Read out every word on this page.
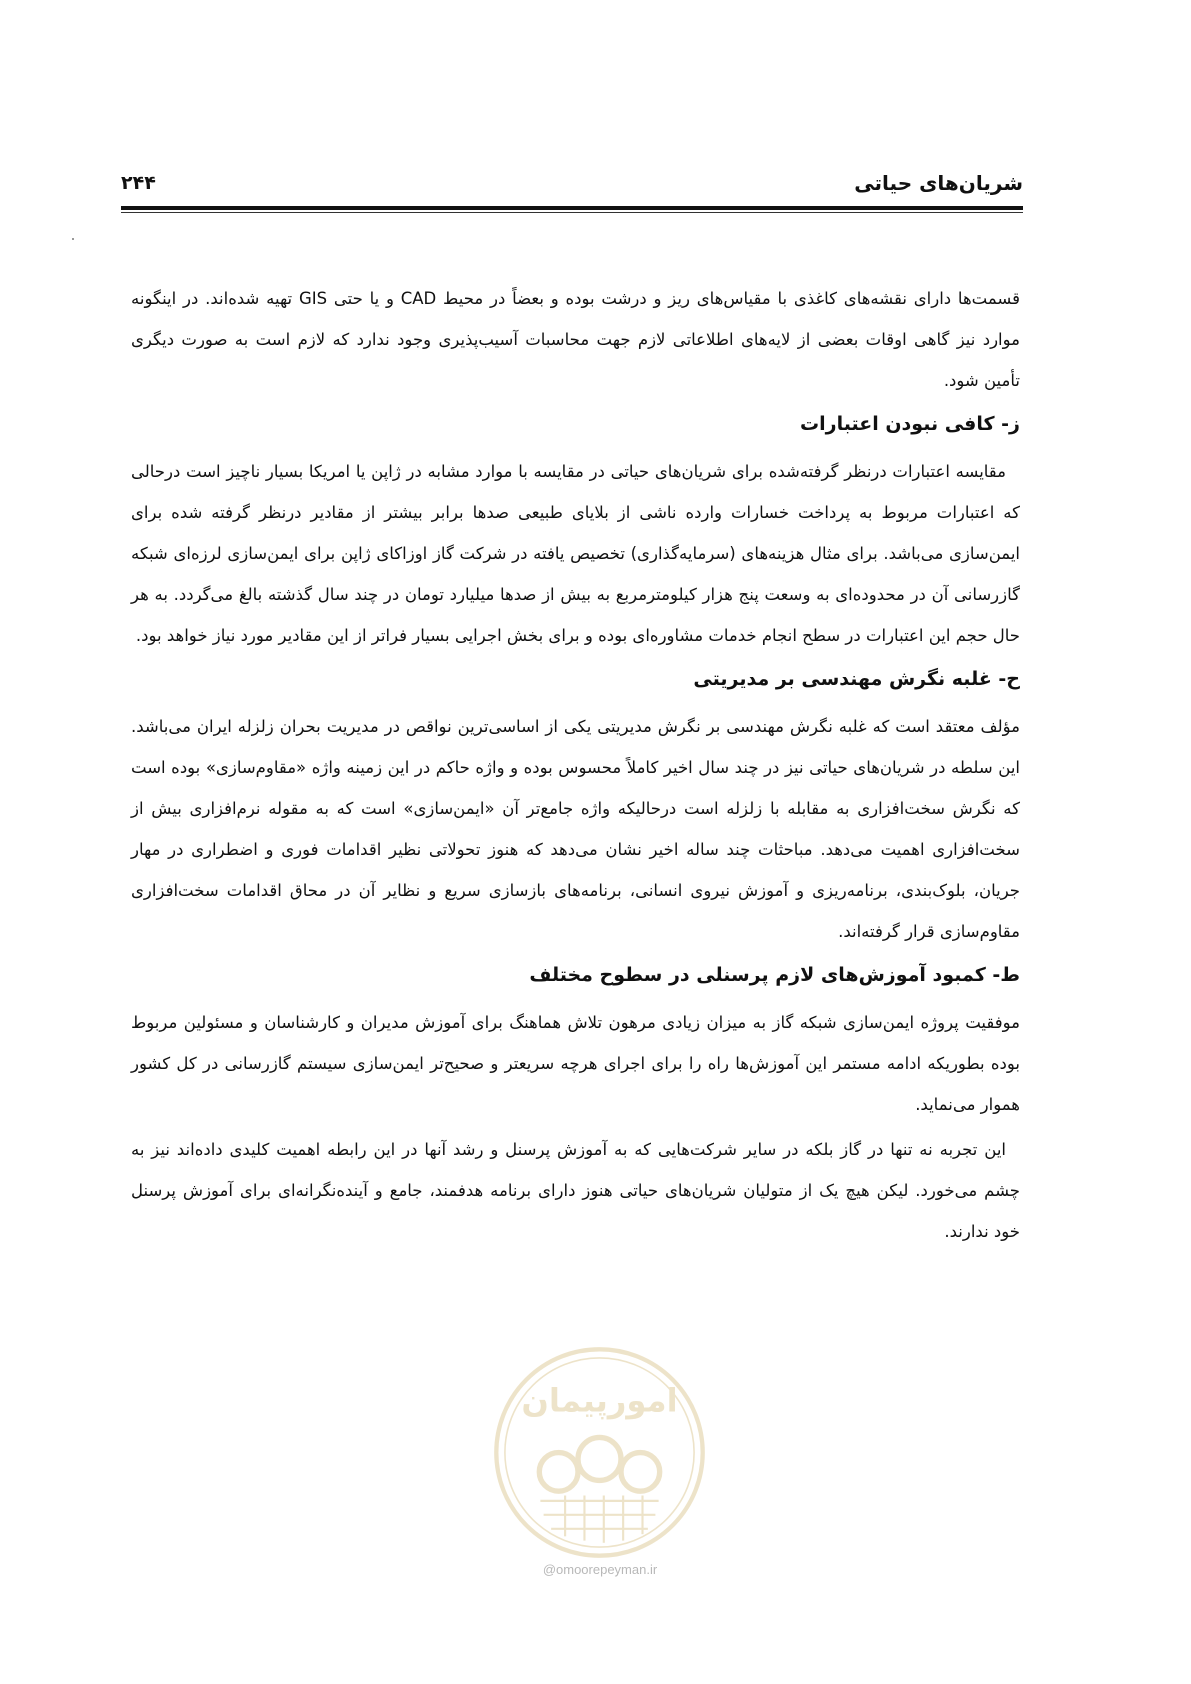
شریان‌های حیاتی
۲۴۴

قسمت‌ها دارای نقشه‌های کاغذی با مقیاس‌های ریز و درشت بوده و بعضاً در محیط CAD و یا حتی GIS تهیه شده‌اند. در اینگونه موارد نیز گاهی اوقات بعضی از لایه‌های اطلاعاتی لازم جهت محاسبات آسیب‌پذیری وجود ندارد که لازم است به صورت دیگری تأمین شود.

ز- کافی نبودن اعتبارات

مقایسه اعتبارات درنظر گرفته‌شده برای شریان‌های حیاتی در مقایسه با موارد مشابه در ژاپن یا امریکا بسیار ناچیز است درحالی که اعتبارات مربوط به پرداخت خسارات وارده ناشی از بلایای طبیعی صدها برابر بیشتر از مقادیر درنظر گرفته شده برای ایمن‌سازی می‌باشد. برای مثال هزینه‌های (سرمایه‌گذاری) تخصیص یافته در شرکت گاز اوزاکای ژاپن برای ایمن‌سازی لرزه‌ای شبکه گازرسانی آن در محدوده‌ای به وسعت پنج هزار کیلومترمربع به بیش از صدها میلیارد تومان در چند سال گذشته بالغ می‌گردد. به هر حال حجم این اعتبارات در سطح انجام خدمات مشاوره‌ای بوده و برای بخش اجرایی بسیار فراتر از این مقادیر مورد نیاز خواهد بود.

ح- غلبه نگرش مهندسی بر مدیریتی

مؤلف معتقد است که غلبه نگرش مهندسی بر نگرش مدیریتی یکی از اساسی‌ترین نواقص در مدیریت بحران زلزله ایران می‌باشد. این سلطه در شریان‌های حیاتی نیز در چند سال اخیر کاملاً محسوس بوده و واژه حاکم در این زمینه واژه «مقاوم‌سازی» بوده است که نگرش سخت‌افزاری به مقابله با زلزله است درحالیکه واژه جامع‌تر آن «ایمن‌سازی» است که به مقوله نرم‌افزاری بیش از سخت‌افزاری اهمیت می‌دهد. مباحثات چند ساله اخیر نشان می‌دهد که هنوز تحولاتی نظیر اقدامات فوری و اضطراری در مهار جریان، بلوک‌بندی، برنامه‌ریزی و آموزش نیروی انسانی، برنامه‌های بازسازی سریع و نظایر آن در محاق اقدامات سخت‌افزاری مقاوم‌سازی قرار گرفته‌اند.

ط- کمبود آموزش‌های لازم پرسنلی در سطوح مختلف

موفقیت پروژه ایمن‌سازی شبکه گاز به میزان زیادی مرهون تلاش هماهنگ برای آموزش مدیران و کارشناسان و مسئولین مربوط بوده بطوریکه ادامه مستمر این آموزش‌ها راه را برای اجرای هرچه سریعتر و صحیح‌تر ایمن‌سازی سیستم گازرسانی در کل کشور هموار می‌نماید.

این تجربه نه تنها در گاز بلکه در سایر شرکت‌هایی که به آموزش پرسنل و رشد آنها در این رابطه اهمیت کلیدی داده‌اند نیز به چشم می‌خورد. لیکن هیچ یک از متولیان شریان‌های حیاتی هنوز دارای برنامه هدفمند، جامع و آینده‌نگرانه‌ای برای آموزش پرسنل خود ندارند.

امورپیمان
@omoorepeyman.ir
